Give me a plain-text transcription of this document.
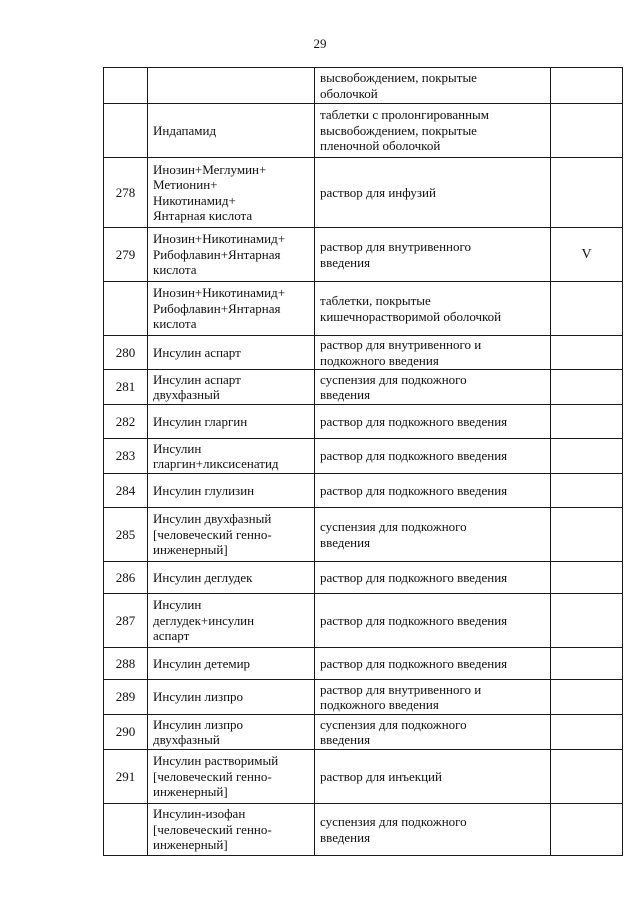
29

		высвобождением, покрытые
оболочкой	

	Индапамид	таблетки с пролонгированным
высвобождением, покрытые
пленочной оболочкой	

278	Инозин+Меглумин+
Метионин+
Никотинамид+
Янтарная кислота	раствор для инфузий	

279	Инозин+Никотинамид+
Рибофлавин+Янтарная
кислота	раствор для внутривенного
введения	V

	Инозин+Никотинамид+
Рибофлавин+Янтарная
кислота	таблетки, покрытые
кишечнорастворимой оболочкой	

280	Инсулин аспарт	раствор для внутривенного и
подкожного введения	

281	Инсулин аспарт
двухфазный	суспензия для подкожного
введения	

282	Инсулин гларгин	раствор для подкожного введения	

283	Инсулин
гларгин+ликсисенатид	раствор для подкожного введения	

284	Инсулин глулизин	раствор для подкожного введения	

285	Инсулин двухфазный
[человеческий генно-
инженерный]	суспензия для подкожного
введения	

286	Инсулин деглудек	раствор для подкожного введения	

287	Инсулин
деглудек+инсулин
аспарт	раствор для подкожного введения	

288	Инсулин детемир	раствор для подкожного введения	

289	Инсулин лизпро	раствор для внутривенного и
подкожного введения	

290	Инсулин лизпро
двухфазный	суспензия для подкожного
введения	

291	Инсулин растворимый
[человеческий генно-
инженерный]	раствор для инъекций	

	Инсулин-изофан
[человеческий генно-
инженерный]	суспензия для подкожного
введения	
